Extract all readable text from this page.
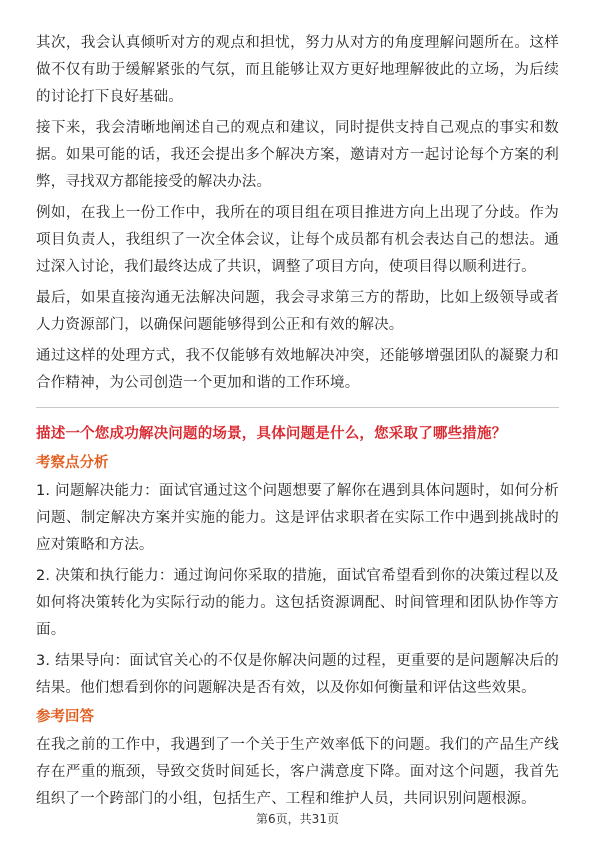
其次，我会认真倾听对方的观点和担忧，努力从对方的角度理解问题所在。这样做不仅有助于缓解紧张的气氛，而且能够让双方更好地理解彼此的立场，为后续的讨论打下良好基础。

接下来，我会清晰地阐述自己的观点和建议，同时提供支持自己观点的事实和数据。如果可能的话，我还会提出多个解决方案，邀请对方一起讨论每个方案的利弊，寻找双方都能接受的解决办法。

例如，在我上一份工作中，我所在的项目组在项目推进方向上出现了分歧。作为项目负责人，我组织了一次全体会议，让每个成员都有机会表达自己的想法。通过深入讨论，我们最终达成了共识，调整了项目方向，使项目得以顺利进行。

最后，如果直接沟通无法解决问题，我会寻求第三方的帮助，比如上级领导或者人力资源部门，以确保问题能够得到公正和有效的解决。

通过这样的处理方式，我不仅能够有效地解决冲突，还能够增强团队的凝聚力和合作精神，为公司创造一个更加和谐的工作环境。

描述一个您成功解决问题的场景，具体问题是什么，您采取了哪些措施？

考察点分析

1. 问题解决能力：面试官通过这个问题想要了解你在遇到具体问题时，如何分析问题、制定解决方案并实施的能力。这是评估求职者在实际工作中遇到挑战时的应对策略和方法。

2. 决策和执行能力：通过询问你采取的措施，面试官希望看到你的决策过程以及如何将决策转化为实际行动的能力。这包括资源调配、时间管理和团队协作等方面。

3. 结果导向：面试官关心的不仅是你解决问题的过程，更重要的是问题解决后的结果。他们想看到你的问题解决是否有效，以及你如何衡量和评估这些效果。

参考回答

在我之前的工作中，我遇到了一个关于生产效率低下的问题。我们的产品生产线存在严重的瓶颈，导致交货时间延长，客户满意度下降。面对这个问题，我首先组织了一个跨部门的小组，包括生产、工程和维护人员，共同识别问题根源。

第6页，共31页
